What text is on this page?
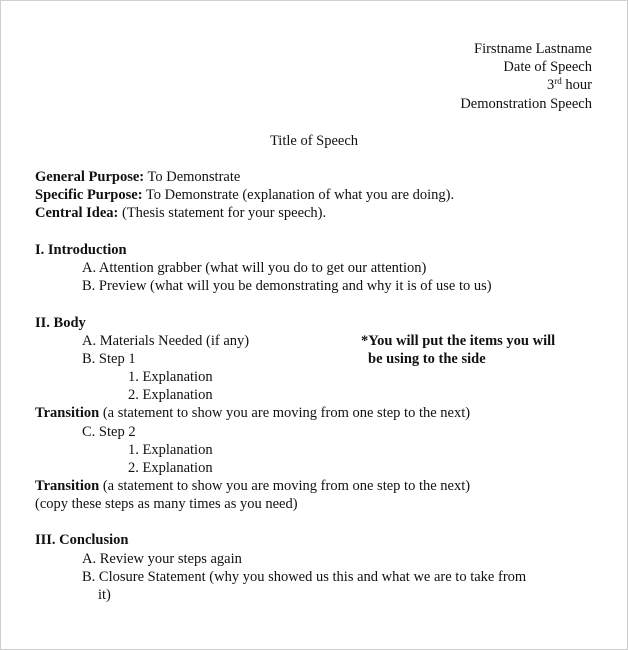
Firstname Lastname
Date of Speech
3rd hour
Demonstration Speech
Title of Speech
General Purpose: To Demonstrate
Specific Purpose: To Demonstrate (explanation of what you are doing).
Central Idea: (Thesis statement for your speech).
I. Introduction
A. Attention grabber (what will you do to get our attention)
B. Preview (what will you be demonstrating and why it is of use to us)
II. Body
A. Materials Needed (if any)	*You will put the items you will
be using to the side
B. Step 1
1. Explanation
2. Explanation
Transition (a statement to show you are moving from one step to the next)
C. Step 2
1. Explanation
2. Explanation
Transition (a statement to show you are moving from one step to the next)
(copy these steps as many times as you need)
III. Conclusion
A. Review your steps again
B. Closure Statement (why you showed us this and what we are to take from
it)
